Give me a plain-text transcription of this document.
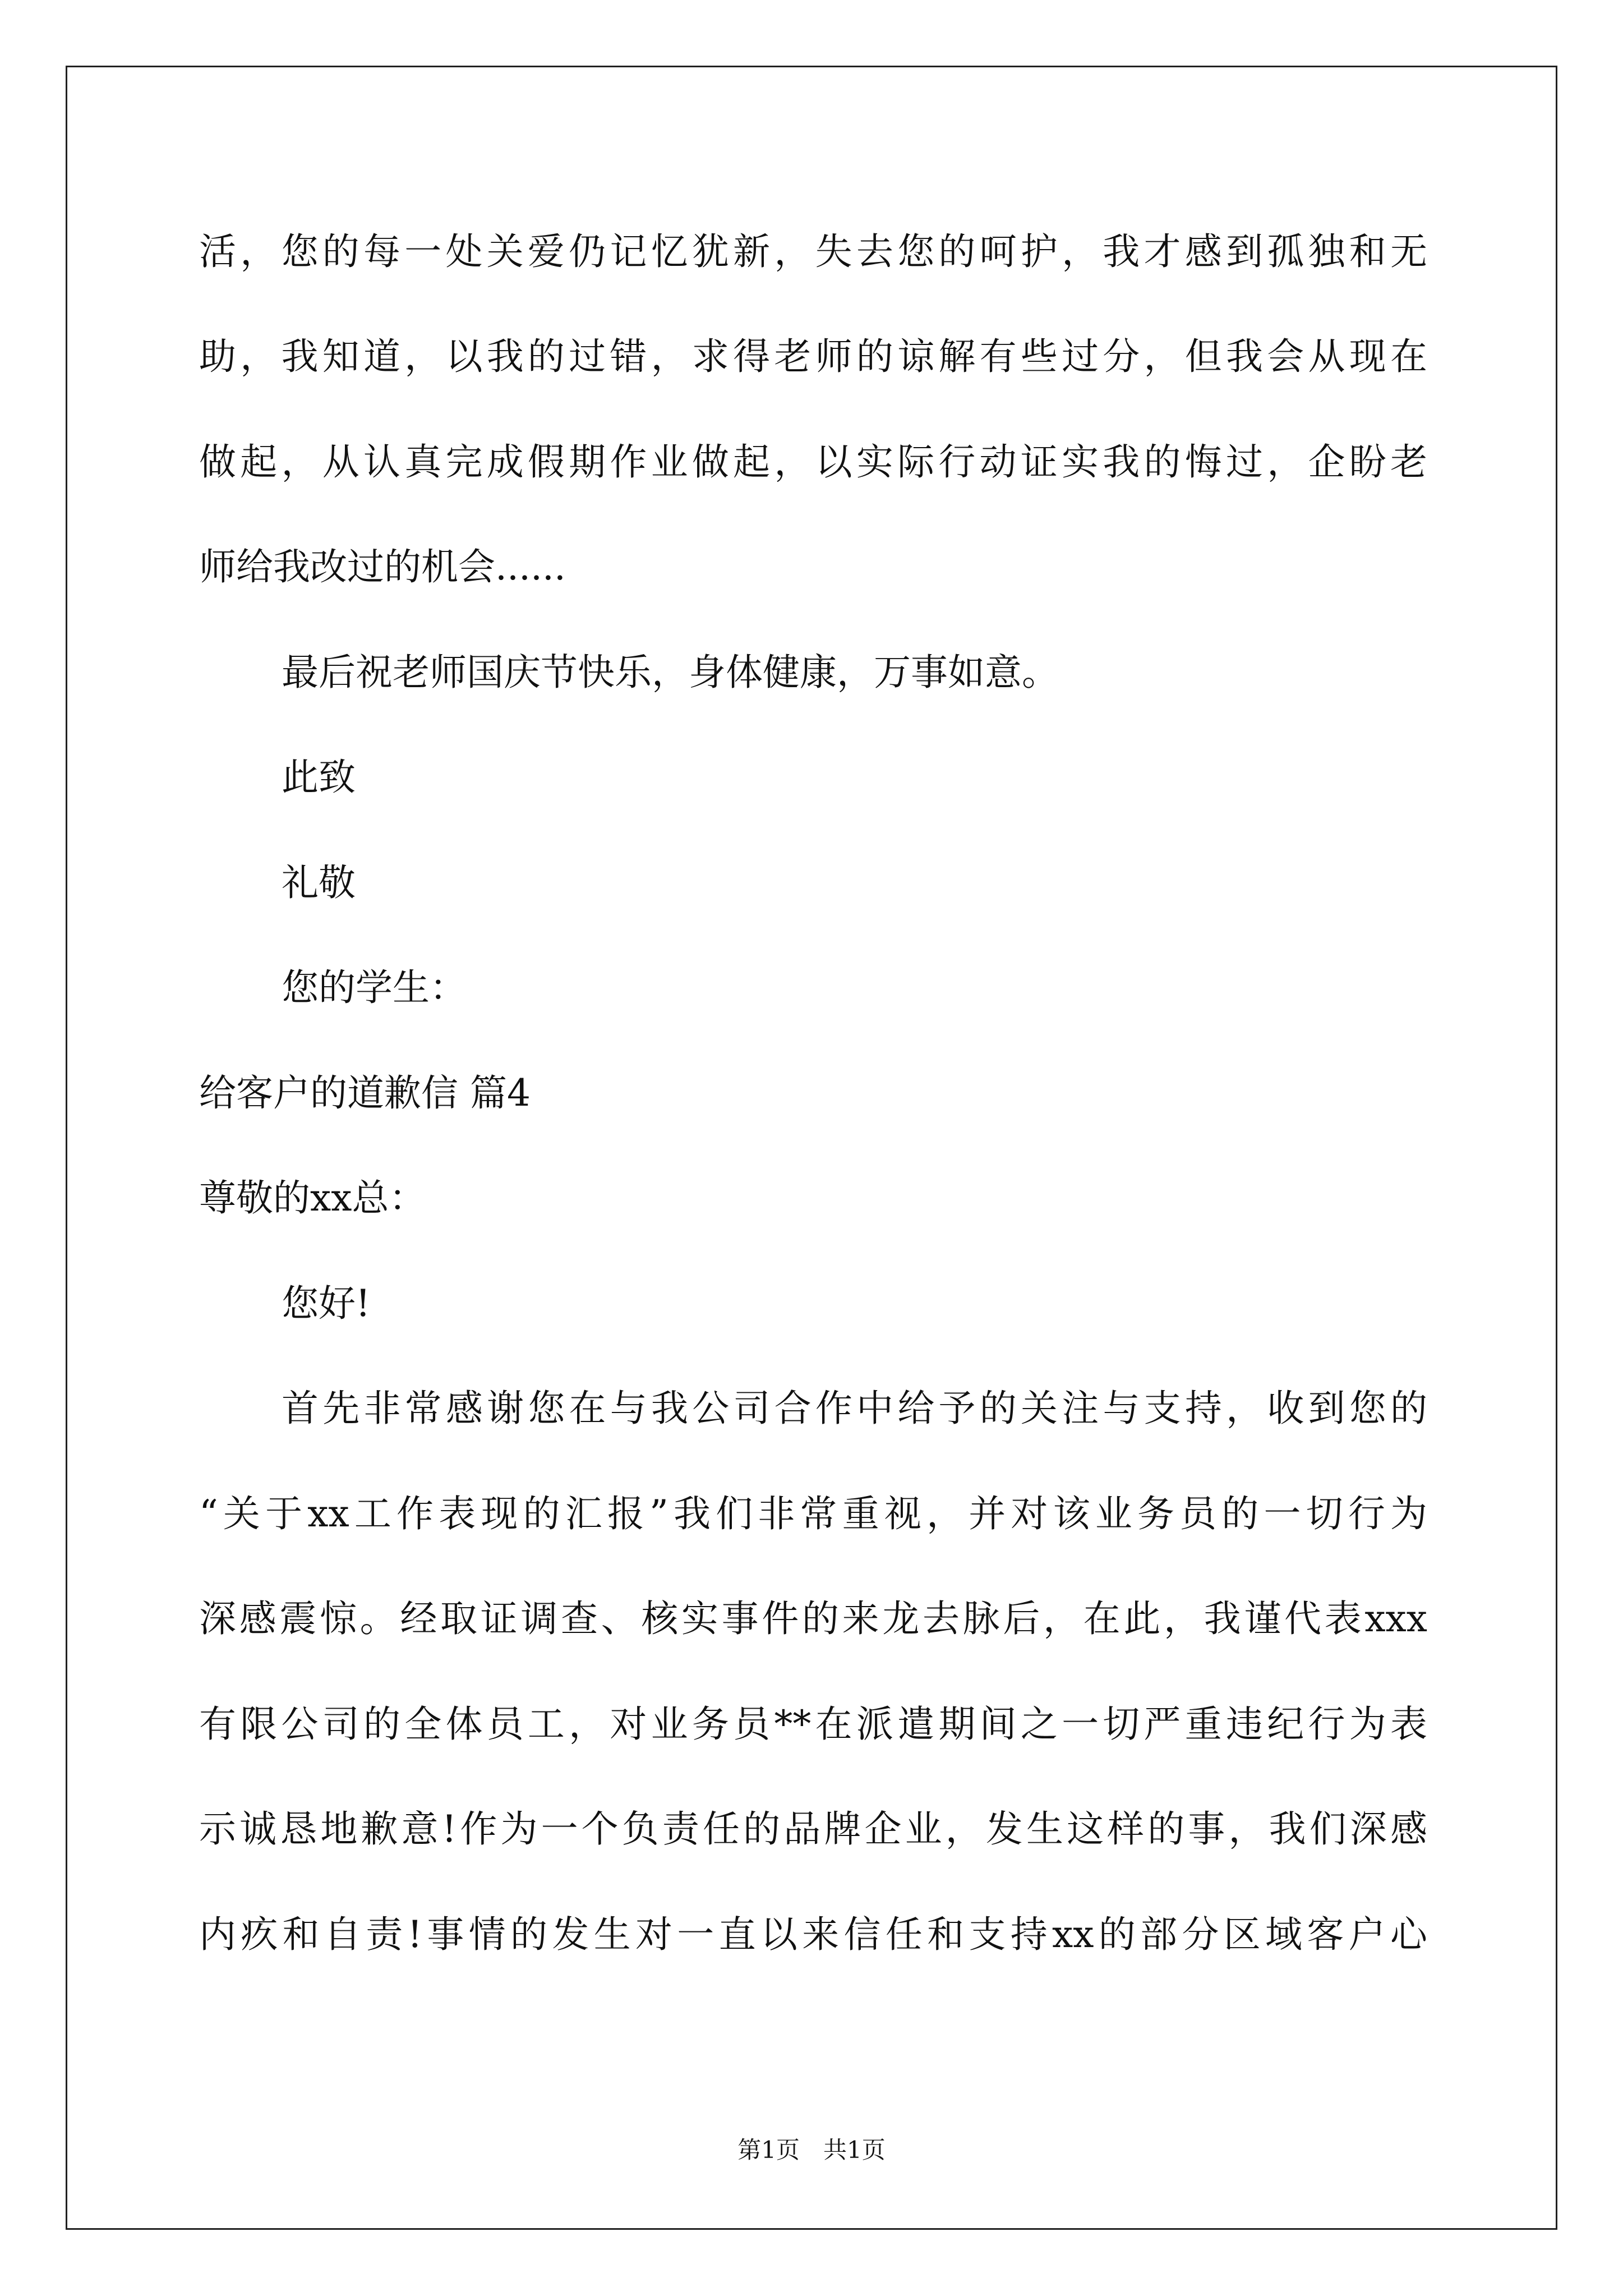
活，您的每一处关爱仍记忆犹新，失去您的呵护，我才感到孤独和无
助，我知道，以我的过错，求得老师的谅解有些过分，但我会从现在
做起，从认真完成假期作业做起，以实际行动证实我的悔过，企盼老
师给我改过的机会......
最后祝老师国庆节快乐，身体健康，万事如意。
此致
礼敬
您的学生：
给客户的道歉信 篇4
尊敬的xx总：
您好!
首先非常感谢您在与我公司合作中给予的关注与支持，收到您的
“关于xx工作表现的汇报”我们非常重视，并对该业务员的一切行为
深感震惊。经取证调查、核实事件的来龙去脉后，在此，我谨代表xxx
有限公司的全体员工，对业务员**在派遣期间之一切严重违纪行为表
示诚恳地歉意!作为一个负责任的品牌企业，发生这样的事，我们深感
内疚和自责!事情的发生对一直以来信任和支持xx的部分区域客户心
第1页　共1页
